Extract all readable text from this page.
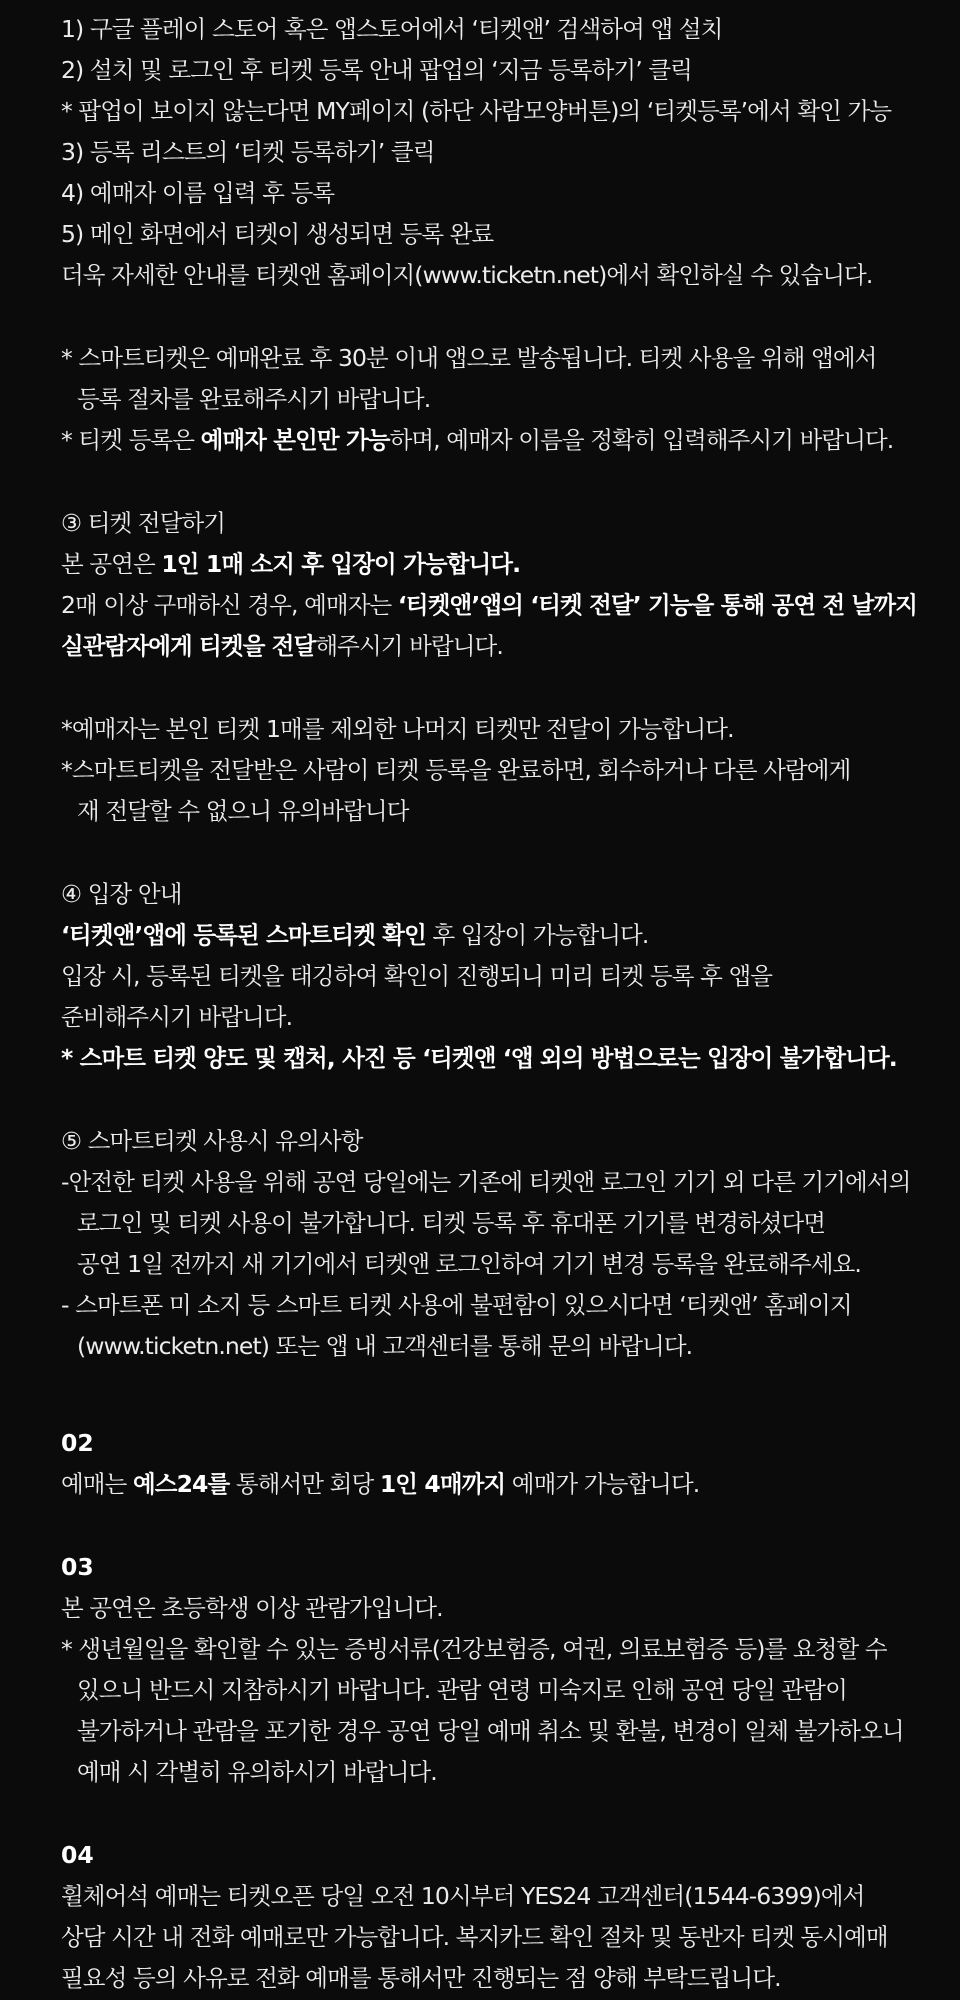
1) 구글 플레이 스토어 혹은 앱스토어에서 ‘티켓앤’ 검색하여 앱 설치
2) 설치 및 로그인 후 티켓 등록 안내 팝업의 ‘지금 등록하기’ 클릭
* 팝업이 보이지 않는다면 MY페이지 (하단 사람모양버튼)의 ‘티켓등록’에서 확인 가능
3) 등록 리스트의 ‘티켓 등록하기’ 클릭
4) 예매자 이름 입력 후 등록
5) 메인 화면에서 티켓이 생성되면 등록 완료
더욱 자세한 안내를 티켓앤 홈페이지(www.ticketn.net)에서 확인하실 수 있습니다.
* 스마트티켓은 예매완료 후 30분 이내 앱으로 발송됩니다. 티켓 사용을 위해 앱에서
등록 절차를 완료해주시기 바랍니다.
* 티켓 등록은 예매자 본인만 가능하며, 예매자 이름을 정확히 입력해주시기 바랍니다.
③ 티켓 전달하기
본 공연은 1인 1매 소지 후 입장이 가능합니다.
2매 이상 구매하신 경우, 예매자는 ‘티켓앤’앱의 ‘티켓 전달’ 기능을 통해 공연 전 날까지
실관람자에게 티켓을 전달해주시기 바랍니다.
*예매자는 본인 티켓 1매를 제외한 나머지 티켓만 전달이 가능합니다.
*스마트티켓을 전달받은 사람이 티켓 등록을 완료하면, 회수하거나 다른 사람에게
재 전달할 수 없으니 유의바랍니다
④ 입장 안내
‘티켓앤’앱에 등록된 스마트티켓 확인 후 입장이 가능합니다.
입장 시, 등록된 티켓을 태깅하여 확인이 진행되니 미리 티켓 등록 후 앱을
준비해주시기 바랍니다.
* 스마트 티켓 양도 및 캡처, 사진 등 ‘티켓앤 ‘앱 외의 방법으로는 입장이 불가합니다.
⑤ 스마트티켓 사용시 유의사항
-안전한 티켓 사용을 위해 공연 당일에는 기존에 티켓앤 로그인 기기 외 다른 기기에서의
로그인 및 티켓 사용이 불가합니다. 티켓 등록 후 휴대폰 기기를 변경하셨다면
공연 1일 전까지 새 기기에서 티켓앤 로그인하여 기기 변경 등록을 완료해주세요.
- 스마트폰 미 소지 등 스마트 티켓 사용에 불편함이 있으시다면 ‘티켓앤’ 홈페이지
(www.ticketn.net) 또는 앱 내 고객센터를 통해 문의 바랍니다.
02
예매는 예스24를 통해서만 회당 1인 4매까지 예매가 가능합니다.
03
본 공연은 초등학생 이상 관람가입니다.
* 생년월일을 확인할 수 있는 증빙서류(건강보험증, 여권, 의료보험증 등)를 요청할 수
있으니 반드시 지참하시기 바랍니다. 관람 연령 미숙지로 인해 공연 당일 관람이
불가하거나 관람을 포기한 경우 공연 당일 예매 취소 및 환불, 변경이 일체 불가하오니
예매 시 각별히 유의하시기 바랍니다.
04
휠체어석 예매는 티켓오픈 당일 오전 10시부터 YES24 고객센터(1544-6399)에서
상담 시간 내 전화 예매로만 가능합니다. 복지카드 확인 절차 및 동반자 티켓 동시예매
필요성 등의 사유로 전화 예매를 통해서만 진행되는 점 양해 부탁드립니다.
